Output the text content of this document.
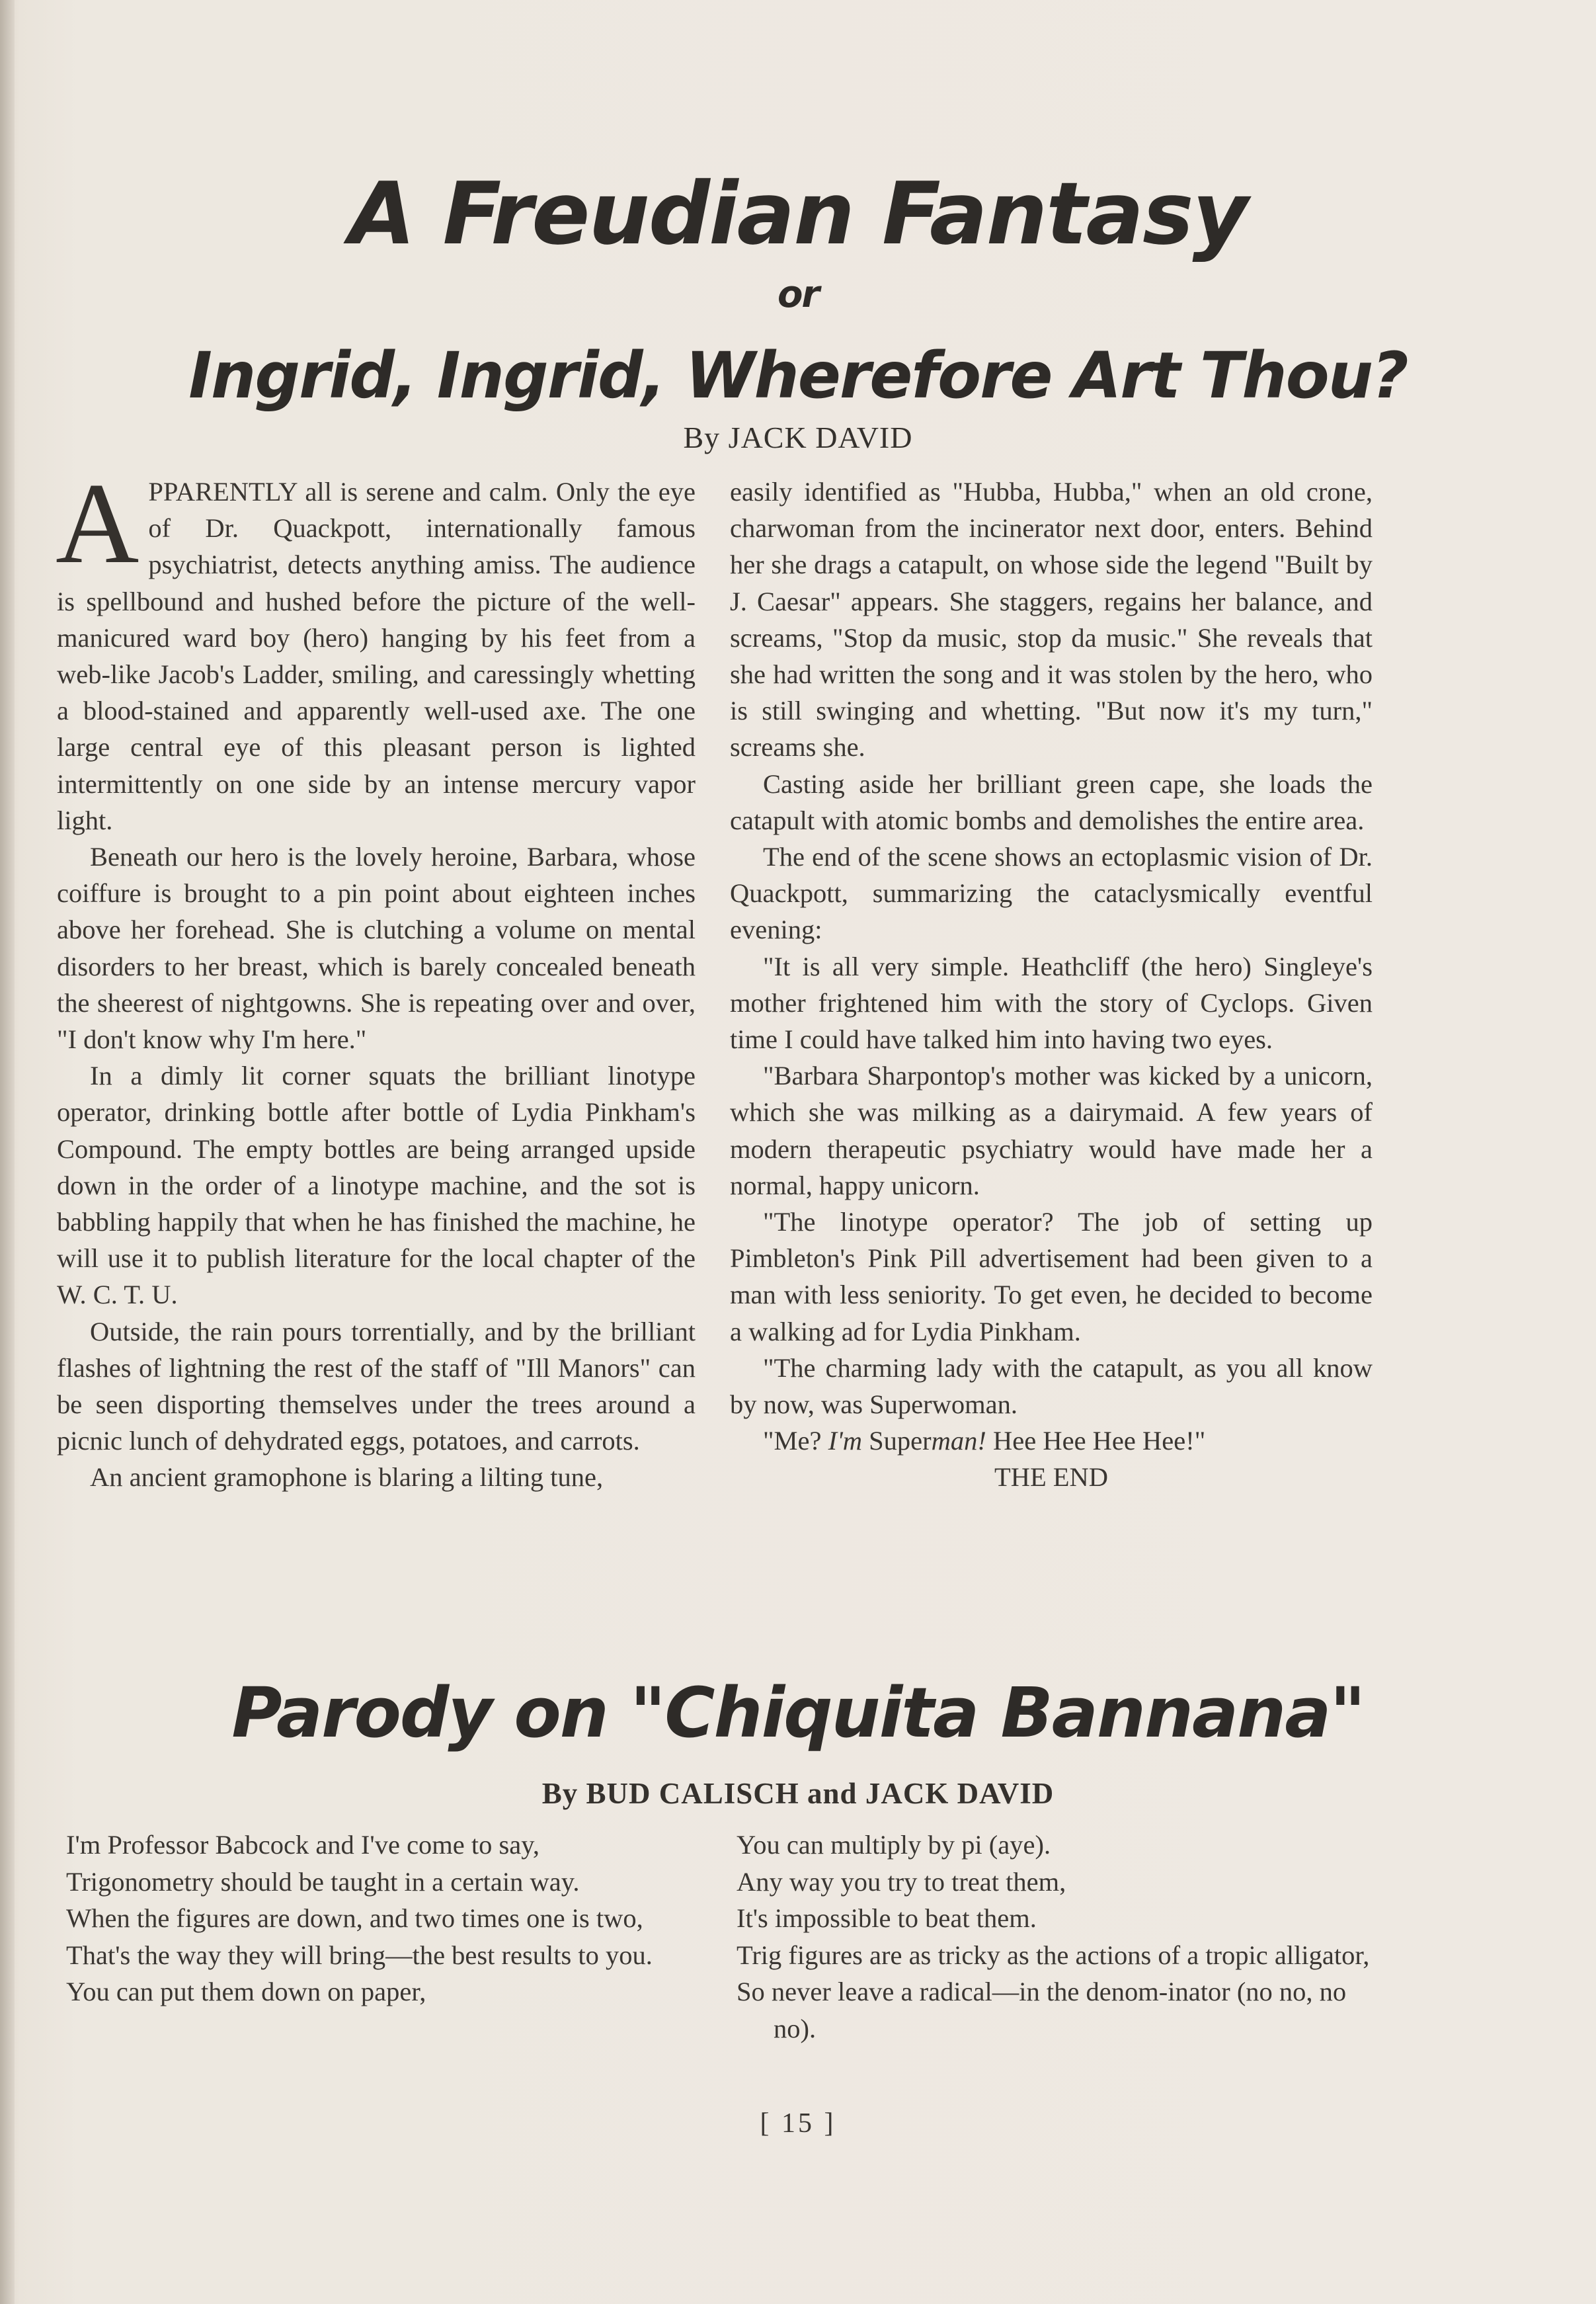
A Freudian Fantasy
or
Ingrid, Ingrid, Wherefore Art Thou?
By JACK DAVID

APPARENTLY all is serene and calm. Only the eye of Dr. Quackpott, internationally famous psychiatrist, detects anything amiss. The audience is spellbound and hushed before the picture of the well-manicured ward boy (hero) hanging by his feet from a web-like Jacob's Ladder, smiling, and caressingly whetting a blood-stained and apparently well-used axe. The one large central eye of this pleasant person is lighted intermittently on one side by an intense mercury vapor light.

Beneath our hero is the lovely heroine, Barbara, whose coiffure is brought to a pin point about eighteen inches above her forehead. She is clutching a volume on mental disorders to her breast, which is barely concealed beneath the sheerest of nightgowns. She is repeating over and over, "I don't know why I'm here."

In a dimly lit corner squats the brilliant linotype operator, drinking bottle after bottle of Lydia Pinkham's Compound. The empty bottles are being arranged upside down in the order of a linotype machine, and the sot is babbling happily that when he has finished the machine, he will use it to publish literature for the local chapter of the W. C. T. U.

Outside, the rain pours torrentially, and by the brilliant flashes of lightning the rest of the staff of "Ill Manors" can be seen disporting themselves under the trees around a picnic lunch of dehydrated eggs, potatoes, and carrots.

An ancient gramophone is blaring a lilting tune,

easily identified as "Hubba, Hubba," when an old crone, charwoman from the incinerator next door, enters. Behind her she drags a catapult, on whose side the legend "Built by J. Caesar" appears. She staggers, regains her balance, and screams, "Stop da music, stop da music." She reveals that she had written the song and it was stolen by the hero, who is still swinging and whetting. "But now it's my turn," screams she.

Casting aside her brilliant green cape, she loads the catapult with atomic bombs and demolishes the entire area.

The end of the scene shows an ectoplasmic vision of Dr. Quackpott, summarizing the cataclysmically eventful evening:

"It is all very simple. Heathcliff (the hero) Singleye's mother frightened him with the story of Cyclops. Given time I could have talked him into having two eyes.

"Barbara Sharpontop's mother was kicked by a unicorn, which she was milking as a dairymaid. A few years of modern therapeutic psychiatry would have made her a normal, happy unicorn.

"The linotype operator? The job of setting up Pimbleton's Pink Pill advertisement had been given to a man with less seniority. To get even, he decided to become a walking ad for Lydia Pinkham.

"The charming lady with the catapult, as you all know by now, was Superwoman.

"Me? I'm Superman! Hee Hee Hee Hee!"

THE END

Parody on "Chiquita Bannana"
By BUD CALISCH and JACK DAVID
I'm Professor Babcock and I've come to say,
Trigonometry should be taught in a certain way.
When the figures are down, and two times one is two,
That's the way they will bring—the best results to you.
You can put them down on paper,
You can multiply by pi (aye).
Any way you try to treat them,
It's impossible to beat them.
Trig figures are as tricky as the actions of a tropic alligator,
So never leave a radical—in the denom-inator (no no, no no).
[ 15 ]
